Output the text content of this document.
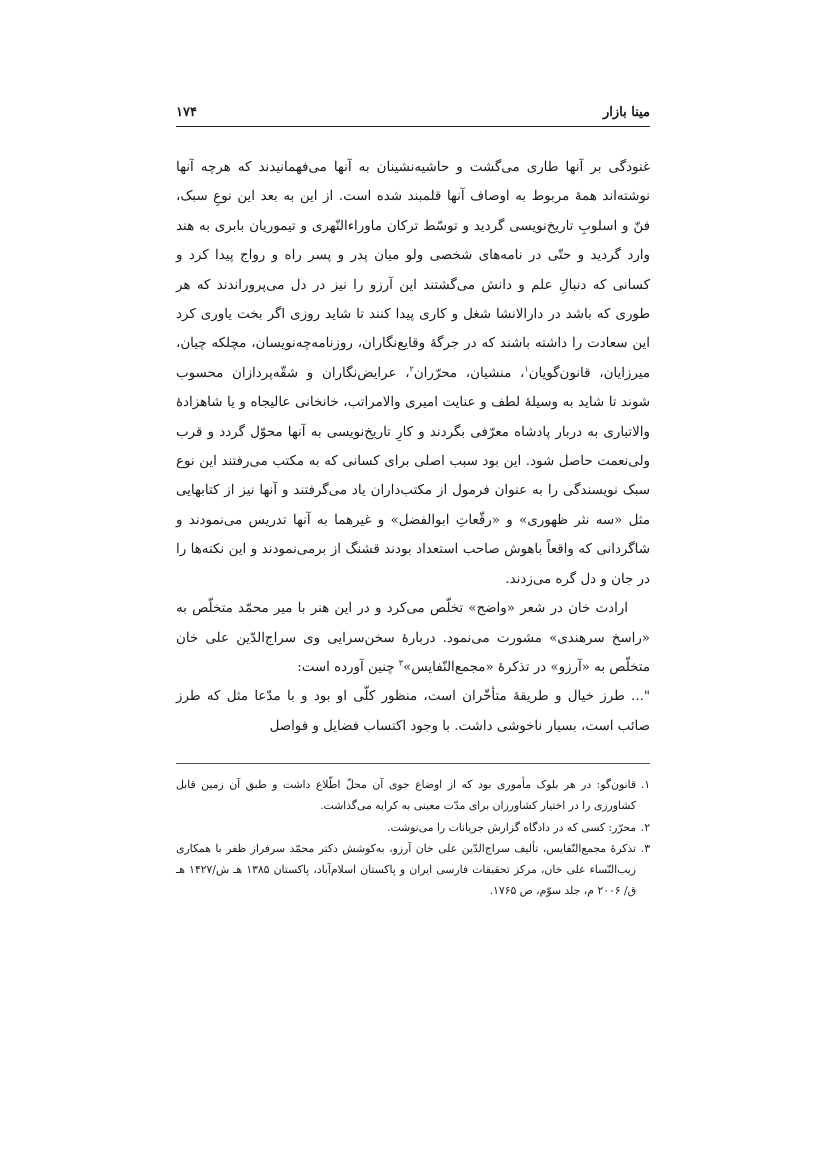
مینا بازار
۱۷۴

غنودگی بر آنها طاری می‌گشت و حاشیه‌نشینان به آنها می‌فهمانیدند که هرچه آنها نوشته‌اند همهٔ مربوط به اوصاف آنها قلمبند شده است. از این به بعد این نوعِ سبک، فنّ و اسلوبِ تاریخ‌نویسی گردید و توسّط ترکان ماوراءالنّهری و تیموریان بابری به هند وارد گردید و حتّی در نامه‌های شخصی ولو میان پدر و پسر راه و رواج پیدا کرد و کسانی که دنبالِ علم و دانش می‌گشتند این آرزو را نیز در دل می‌پروراندند که هر طوری که باشد در دارالانشا شغل و کاری پیدا کنند تا شاید روزی اگر بخت یاوری کرد این سعادت را داشته باشند که در جرگهٔ وقایع‌نگاران، روزنامه‌چه‌نویسان، مچلکه چیان، میرزایان، قانون‌گویان$^۱$، منشیان، محرّران$^۲$، عرایض‌نگاران و شقّه‌پردازان محسوب شوند تا شاید به وسیلهٔ لطف و عنایت امیری والامراتب، خانخانی عالیجاه و یا شاهزادهٔ والاتباری به دربار پادشاه معرّفی بگردند و کارِ تاریخ‌نویسی به آنها محوّل گردد و قرب ولی‌نعمت حاصل شود. این بود سبب اصلی برای کسانی که به مکتب می‌رفتند این نوع سبک نویسندگی را به عنوان فرمول از مکتب‌داران یاد می‌گرفتند و آنها نیز از کتابهایی مثل «سه نثر ظهوری» و «رقّعاتِ ابوالفضل» و غیرهما به آنها تدریس می‌نمودند و شاگردانی که واقعاً باهوش صاحب استعداد بودند قشنگ از برمی‌نمودند و این نکته‌ها را در جان و دل گره می‌زدند.

ارادت خان در شعر «واضح» تخلّص می‌کرد و در این هنر با میر محمّد متخلّص به «راسخ سرهندی» مشورت می‌نمود. دربارهٔ سخن‌سرایی وی سراج‌الدّین علی خان متخلّص به «آرزو» در تذکرهٔ «مجمع‌النّفایس»$^۳$ چنین آورده است:

"... طرز خیال و طریقهٔ متأخّران است، منظور کلّی او بود و با مدّعا مثل که طرز صائب است، بسیار ناخوشی داشت. با وجود اکتساب فضایل و فواصل

۱.
قانون‌گو: در هر بلوک مأموری بود که از اوضاع جوی آن محلّ اطّلاع داشت و طبق آن زمین قابل کشاورزی را در اختیار کشاورزان برای مدّت معینی به کرایه می‌گذاشت.
۲.
محرّر: کسی که در دادگاه گزارش جریانات را می‌نوشت.
۳.
تذکرهٔ مجمع‌النّفایس، تألیف سراج‌الدّین علی خان آرزو، به‌کوشش دکتر محمّد سرفراز ظفر با همکاری زیب‌النّساء علی خان، مرکز تحقیقات فارسی ایران و پاکستان اسلام‌آباد، پاکستان ۱۳۸۵ هـ ش/۱۴۲۷ هـ ق/ ۲۰۰۶ م، جلد سوّم، ص ۱۷۶۵.
